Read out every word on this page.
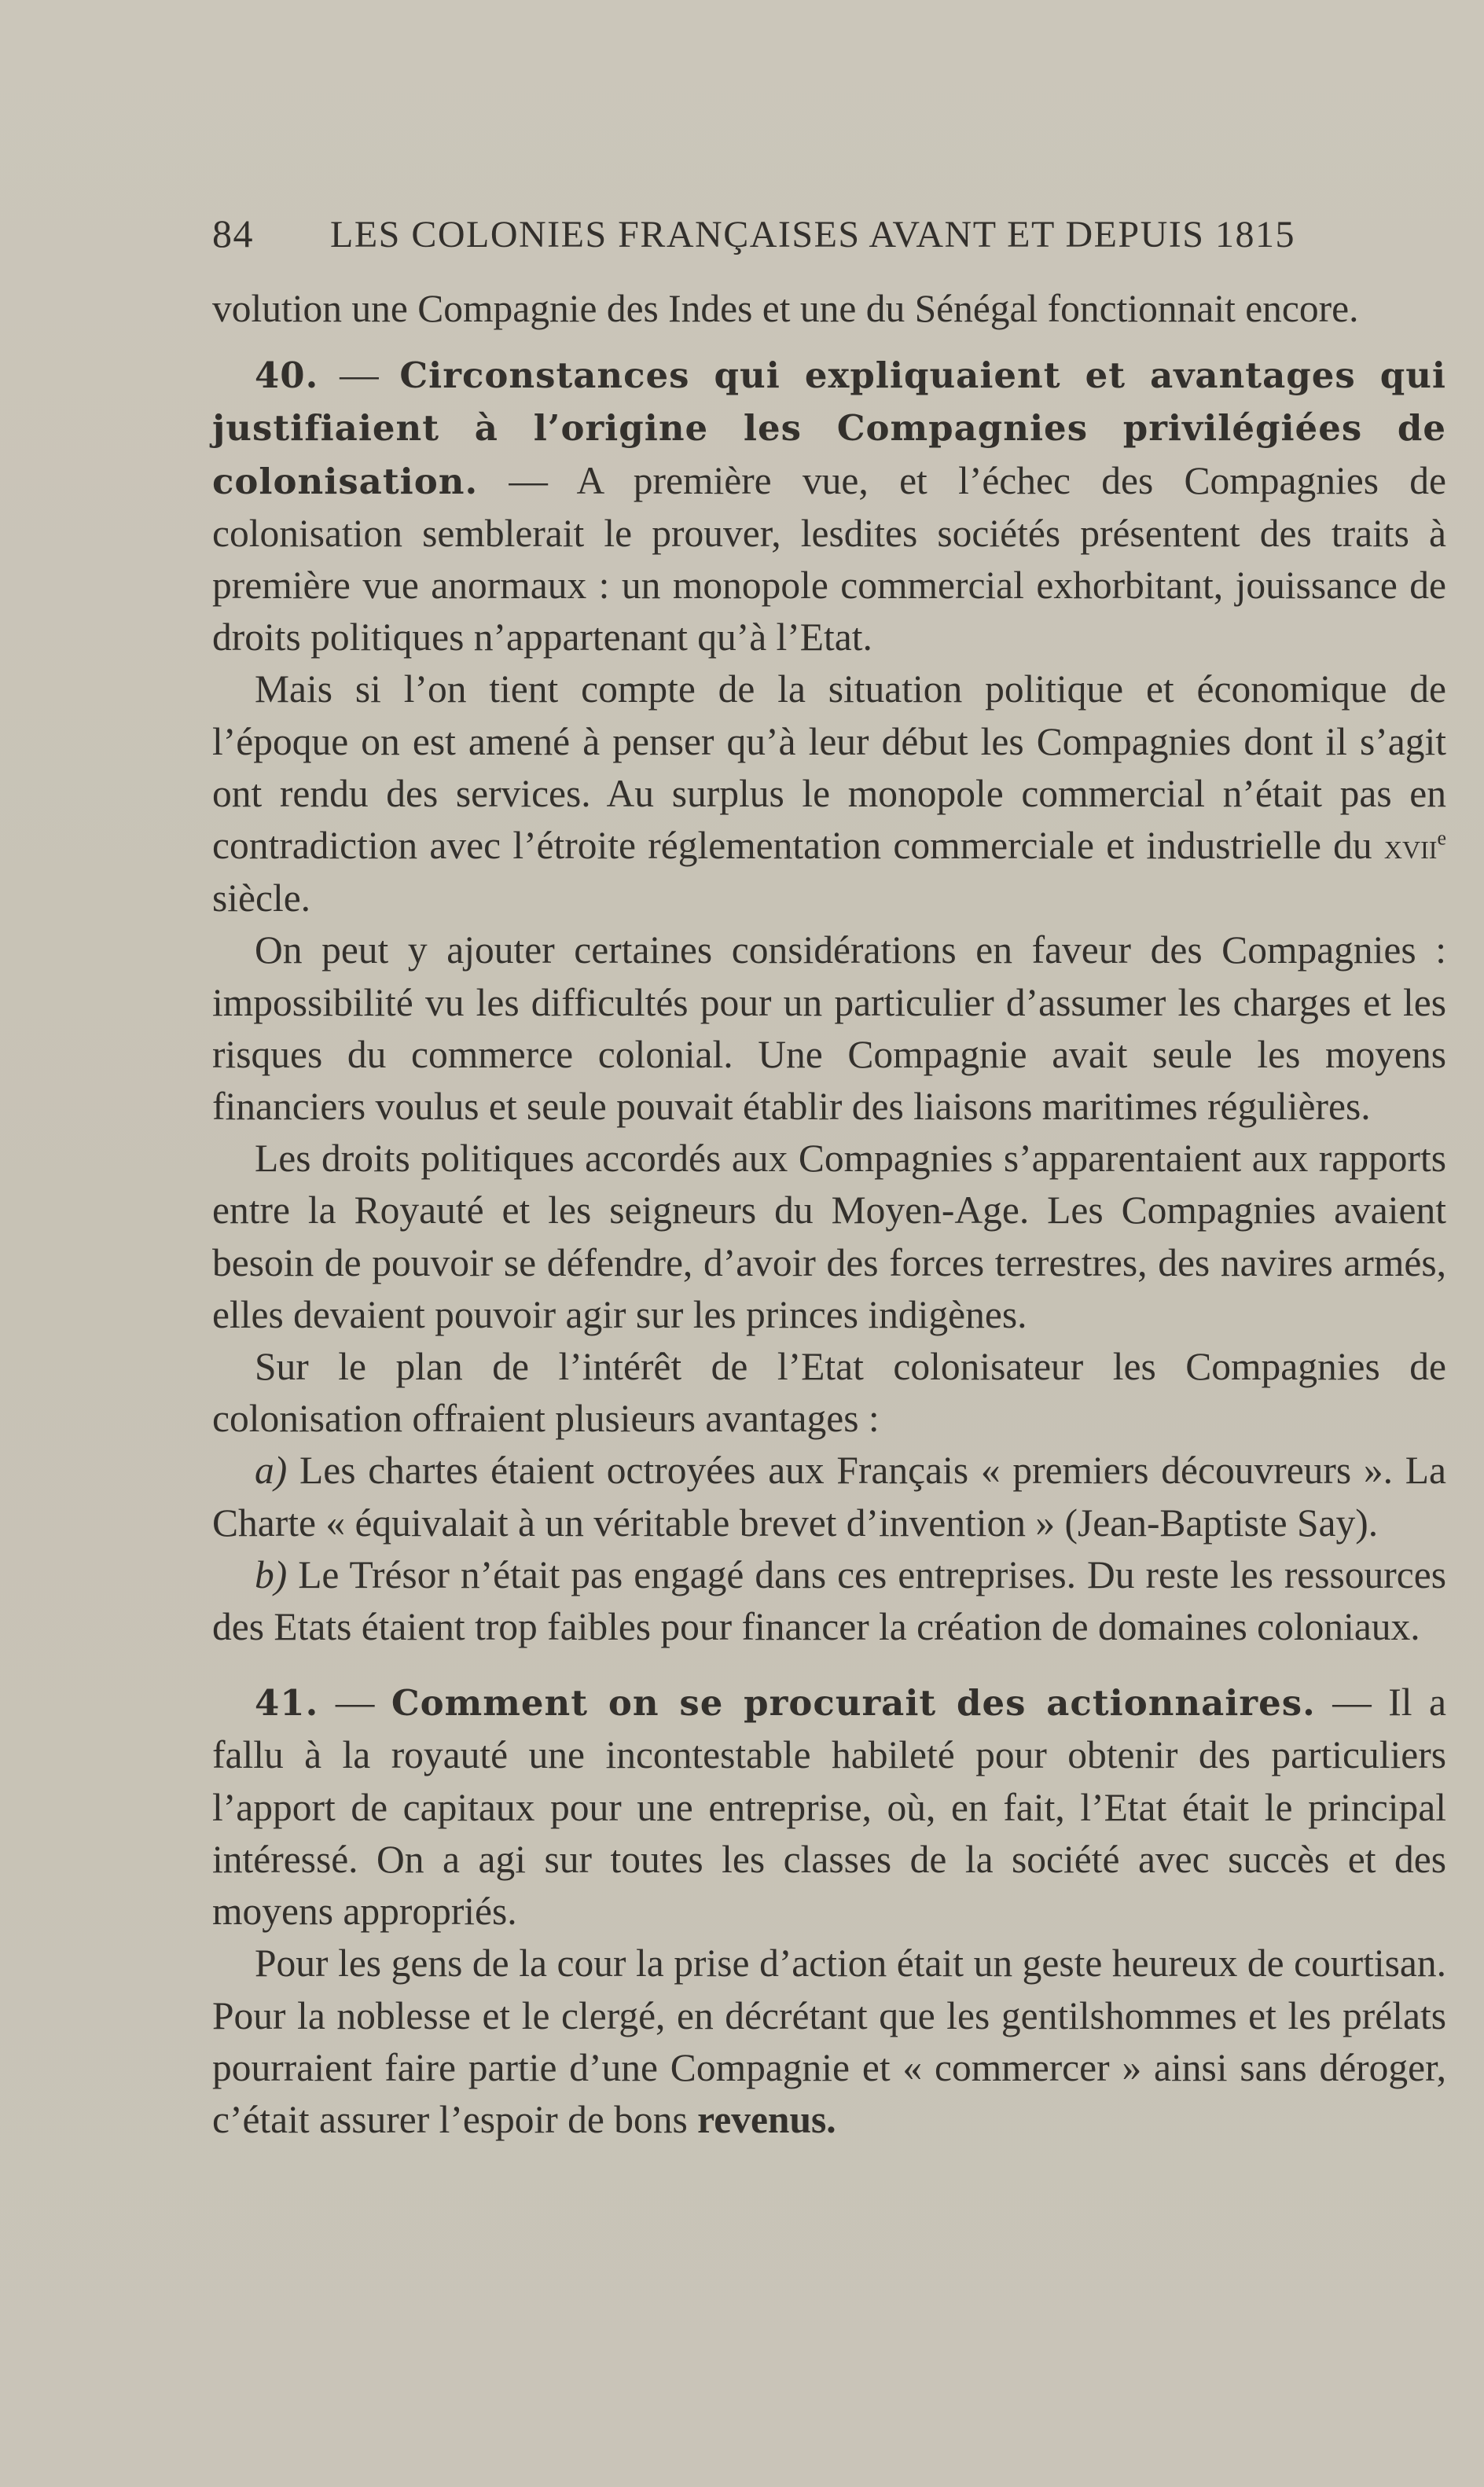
84	LES COLONIES FRANÇAISES AVANT ET DEPUIS 1815

volution une Compagnie des Indes et une du Sénégal fonctionnait encore.

40. — Circonstances qui expliquaient et avantages qui justifiaient à l’origine les Compagnies privilégiées de colonisation. — A première vue, et l’échec des Compagnies de colonisation semblerait le prouver, lesdites sociétés présentent des traits à première vue anormaux : un monopole commercial exhorbitant, jouissance de droits politiques n’appartenant qu’à l’Etat.

Mais si l’on tient compte de la situation politique et économique de l’époque on est amené à penser qu’à leur début les Compagnies dont il s’agit ont rendu des services. Au surplus le monopole commercial n’était pas en contradiction avec l’étroite réglementation commerciale et industrielle du xvii$^e$ siècle.

On peut y ajouter certaines considérations en faveur des Compagnies : impossibilité vu les difficultés pour un particulier d’assumer les charges et les risques du commerce colonial. Une Compagnie avait seule les moyens financiers voulus et seule pouvait établir des liaisons maritimes régulières.

Les droits politiques accordés aux Compagnies s’apparentaient aux rapports entre la Royauté et les seigneurs du Moyen-Age. Les Compagnies avaient besoin de pouvoir se défendre, d’avoir des forces terrestres, des navires armés, elles devaient pouvoir agir sur les princes indigènes.

Sur le plan de l’intérêt de l’Etat colonisateur les Compagnies de colonisation offraient plusieurs avantages :

a) Les chartes étaient octroyées aux Français « premiers découvreurs ». La Charte « équivalait à un véritable brevet d’invention » (Jean-Baptiste Say).

b) Le Trésor n’était pas engagé dans ces entreprises. Du reste les ressources des Etats étaient trop faibles pour financer la création de domaines coloniaux.

41. — Comment on se procurait des actionnaires. — Il a fallu à la royauté une incontestable habileté pour obtenir des particuliers l’apport de capitaux pour une entreprise, où, en fait, l’Etat était le principal intéressé. On a agi sur toutes les classes de la société avec succès et des moyens appropriés.

Pour les gens de la cour la prise d’action était un geste heureux de courtisan. Pour la noblesse et le clergé, en décrétant que les gentilshommes et les prélats pourraient faire partie d’une Compagnie et « commercer » ainsi sans déroger, c’était assurer l’espoir de bons revenus.
